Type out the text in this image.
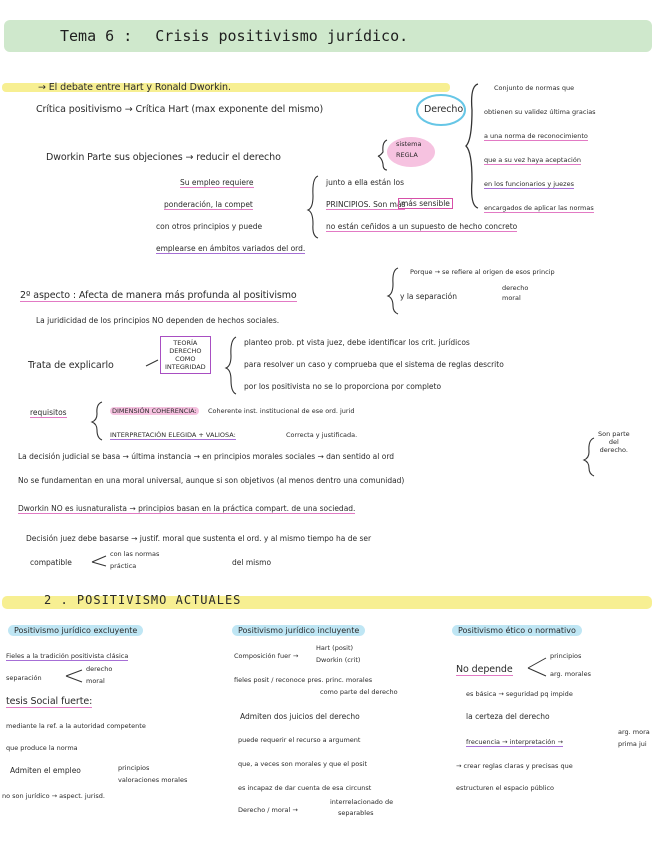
Tema 6 : Crisis positivismo jurídico.
→ El debate entre Hart y Ronald Dworkin.
Crítica positivismo → Crítica Hart (max exponente del mismo)	Derecho
Dworkin Parte sus objeciones → reducir el derecho
sistema
REGLA
Su empleo requiere	junto a ella están los
ponderación, la compet	PRINCIPIOS. Son más
más sensible
con otros principios y puede	no están ceñidos a un supuesto de hecho concreto
emplearse en ámbitos variados del ord.
Conjunto de normas que
obtienen su validez última gracias
a una norma de reconocimiento
que a su vez haya aceptación
en los funcionarios y juezes
encargados de aplicar las normas
Porque → se refiere al origen de esos princip
2º aspecto : Afecta de manera más profunda al positivismo	y la separación
derecho
moral
La juridicidad de los principios NO dependen de hechos sociales.
Trata de explicarlo
TEORÍA
DERECHO
COMO
INTEGRIDAD
planteo prob. pt vista juez, debe identificar los crit. jurídicos
para resolver un caso y comprueba que el sistema de reglas descrito
por los positivista no se lo proporciona por completo
requisitos	DIMENSIÓN COHERENCIA:	Coherente inst. institucional de ese ord. jurid
INTERPRETACIÓN ELEGIDA + VALIOSA:	Correcta y justificada.
La decisión judicial se basa → última instancia → en principios morales sociales → dan sentido al ord
Son parte
del
derecho.
No se fundamentan en una moral universal, aunque si son objetivos (al menos dentro una comunidad)
Dworkin NO es iusnaturalista → principios basan en la práctica compart. de una sociedad.
Decisión juez debe basarse → justif. moral que sustenta el ord. y al mismo tiempo ha de ser
compatible
con las normas
práctica	del mismo
2 . POSITIVISMO ACTUALES
Positivismo jurídico excluyente
Fieles a la tradición positivista clásica
separación
derecho
moral
tesis Social fuerte:
mediante la ref. a la autoridad competente
que produce la norma
Admiten el empleo	principios
valoraciones morales
no son jurídico → aspect. jurisd.
Positivismo jurídico incluyente
Composición fuer →
Hart (posit)
Dworkin (crit)
fieles posit / reconoce pres. princ. morales
como parte del derecho
Admiten dos juicios del derecho
puede requerir el recurso a argument
que, a veces son morales y que el posit
es incapaz de dar cuenta de esa circunst
Derecho / moral →
interrelacionado de
separables
Positivismo ético o normativo
No depende
principios
arg. morales
es básica → seguridad pq impide
la certeza del derecho
frecuencia → interpretación →
arg. mora
prima jui
→ crear reglas claras y precisas que
estructuren el espacio público
